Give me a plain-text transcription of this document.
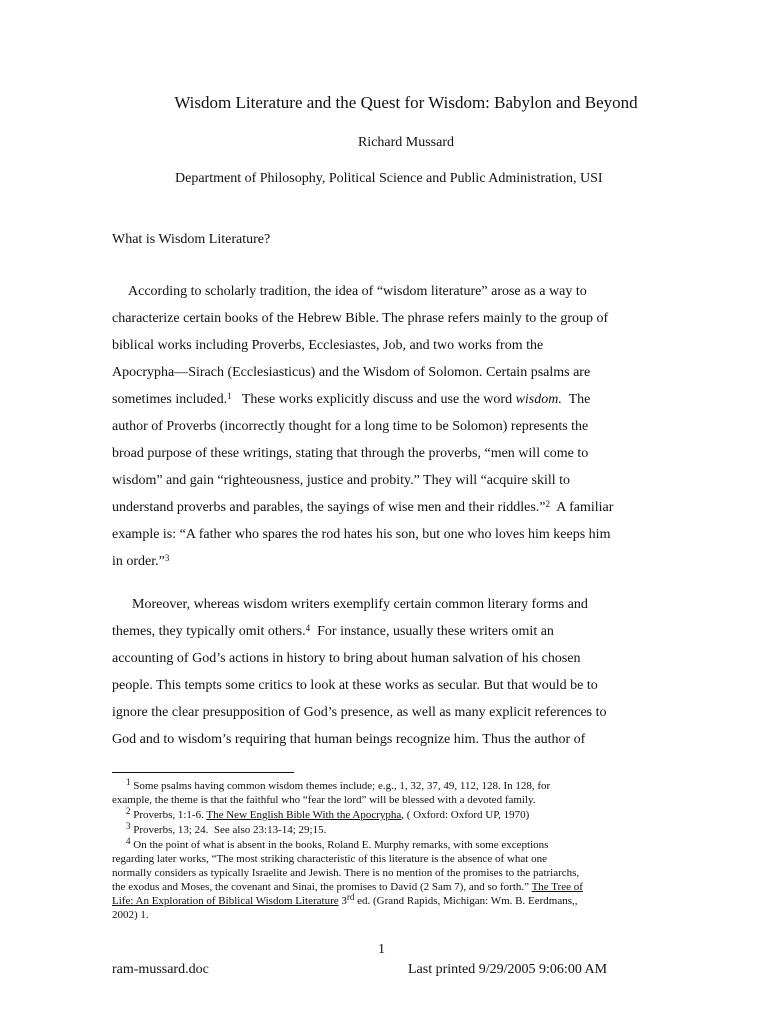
Wisdom Literature and the Quest for Wisdom: Babylon and Beyond
Richard Mussard
Department of Philosophy, Political Science and Public Administration, USI
What is Wisdom Literature?
According to scholarly tradition, the idea of “wisdom literature” arose as a way to
characterize certain books of the Hebrew Bible. The phrase refers mainly to the group of
biblical works including Proverbs, Ecclesiastes, Job, and two works from the
Apocrypha—Sirach (Ecclesiasticus) and the Wisdom of Solomon. Certain psalms are
sometimes included.$^1$   These works explicitly discuss and use the word wisdom.  The
author of Proverbs (incorrectly thought for a long time to be Solomon) represents the
broad purpose of these writings, stating that through the proverbs, “men will come to
wisdom” and gain “righteousness, justice and probity.” They will “acquire skill to
understand proverbs and parables, the sayings of wise men and their riddles.”$^2$  A familiar
example is: “A father who spares the rod hates his son, but one who loves him keeps him
in order.”$^3$
Moreover, whereas wisdom writers exemplify certain common literary forms and
themes, they typically omit others.$^4$  For instance, usually these writers omit an
accounting of God’s actions in history to bring about human salvation of his chosen
people. This tempts some critics to look at these works as secular. But that would be to
ignore the clear presupposition of God’s presence, as well as many explicit references to
God and to wisdom’s requiring that human beings recognize him. Thus the author of
$^1$ Some psalms having common wisdom themes include; e.g., 1, 32, 37, 49, 112, 128. In 128, for
example, the theme is that the faithful who “fear the lord” will be blessed with a devoted family.
$^2$ Proverbs, 1:1-6. The New English Bible With the Apocrypha, ( Oxford: Oxford UP, 1970)
$^3$ Proverbs, 13; 24.  See also 23:13-14; 29;15.
$^4$ On the point of what is absent in the books, Roland E. Murphy remarks, with some exceptions
regarding later works, “The most striking characteristic of this literature is the absence of what one
normally considers as typically Israelite and Jewish. There is no mention of the promises to the patriarchs,
the exodus and Moses, the covenant and Sinai, the promises to David (2 Sam 7), and so forth.” The Tree of
Life: An Exploration of Biblical Wisdom Literature 3rd ed. (Grand Rapids, Michigan: Wm. B. Eerdmans,,
2002) 1.
1
ram-mussard.doc	Last printed 9/29/2005 9:06:00 AM
